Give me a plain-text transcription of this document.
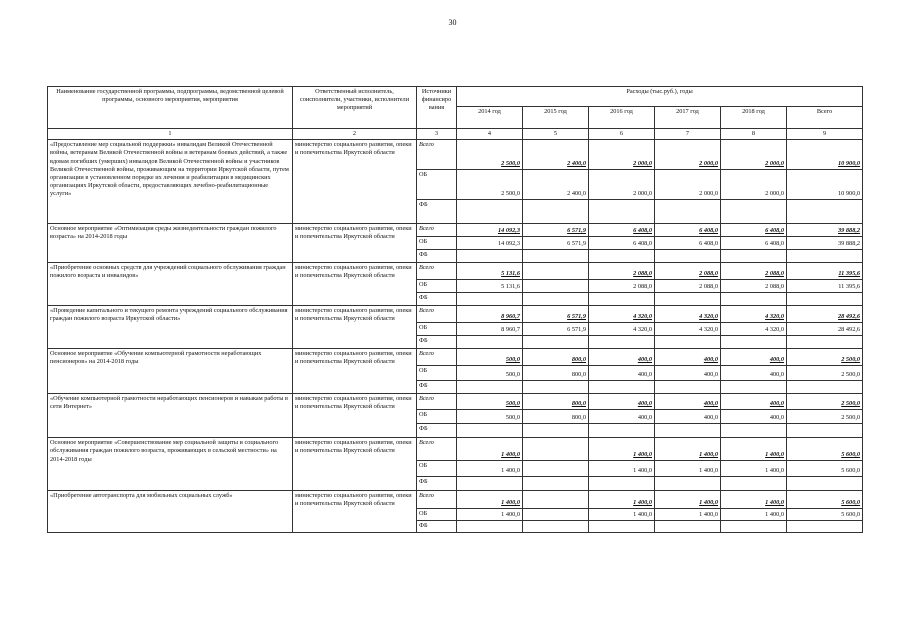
30
Наименование государственной программы, подпрограммы, ведомственной целевой программы, основного мероприятия, мероприятия	Ответственный исполнитель, соисполнители, участники, исполнители мероприятий	Источники финансиро вания	Расходы (тыс.руб.), годы					
			2014 год	2015 год	2016 год	2017 год	2018 год	Всего
1	2	3	4	5	6	7	8	9
«Предоставление мер социальной поддержки» инвалидам Великой Отечественной войны, ветеранам Великой Отечественной войны и ветеранам боевых действий, а также вдовам погибших (умерших) инвалидов Великой Отечественной войны и участников Великой Отечественной войны, проживающим на территории Иркутской области, путем организации в установленном порядке их лечения и реабилитации в медицинских организациях Иркутской области, предоставляющих лечебно-реабилитационные услуги»	министерство социального развития, опеки и попечительства Иркутской области	Всего	2 500,0	2 400,0	2 000,0	2 000,0	2 000,0	10 900,0
		ОБ	2 500,0	2 400,0	2 000,0	2 000,0	2 000,0	10 900,0
		ФБ						
Основное мероприятие «Оптимизация среды жизнедеятельности граждан пожилого возраста» на 2014-2018 годы	министерство социального развития, опеки и попечительства Иркутской области	Всего	14 092,3	6 571,9	6 408,0	6 408,0	6 408,0	39 888,2
		ОБ	14 092,3	6 571,9	6 408,0	6 408,0	6 408,0	39 888,2
		ФБ						
«Приобретение основных средств для учреждений социального обслуживания граждан пожилого возраста и инвалидов»	министерство социального развития, опеки и попечительства Иркутской области	Всего	5 131,6		2 088,0	2 088,0	2 088,0	11 395,6
		ОБ	5 131,6		2 088,0	2 088,0	2 088,0	11 395,6
		ФБ						
«Проведение капитального и текущего ремонта учреждений социального обслуживания граждан пожилого возраста Иркутской области»	министерство социального развития, опеки и попечительства Иркутской области	Всего	8 960,7	6 571,9	4 320,0	4 320,0	4 320,0	28 492,6
		ОБ	8 960,7	6 571,9	4 320,0	4 320,0	4 320,0	28 492,6
		ФБ						
Основное мероприятие «Обучение компьютерной грамотности неработающих пенсионеров» на 2014-2018 годы	министерство социального развития, опеки и попечительства Иркутской области	Всего	500,0	800,0	400,0	400,0	400,0	2 500,0
		ОБ	500,0	800,0	400,0	400,0	400,0	2 500,0
		ФБ						
«Обучение компьютерной грамотности неработающих пенсионеров и навыкам работы в сети Интернет»	министерство социального развития, опеки и попечительства Иркутской области	Всего	500,0	800,0	400,0	400,0	400,0	2 500,0
		ОБ	500,0	800,0	400,0	400,0	400,0	2 500,0
		ФБ						
Основное мероприятие «Совершенствование мер социальной защиты и социального обслуживания граждан пожилого возраста, проживающих в сельской местности» на 2014-2018 годы	министерство социального развития, опеки и попечительства Иркутской области	Всего	1 400,0		1 400,0	1 400,0	1 400,0	5 600,0
		ОБ	1 400,0		1 400,0	1 400,0	1 400,0	5 600,0
		ФБ						
«Приобретение автотранспорта для мобильных социальных служб»	министерство социального развития, опеки и попечительства Иркутской области	Всего	1 400,0		1 400,0	1 400,0	1 400,0	5 600,0
		ОБ	1 400,0		1 400,0	1 400,0	1 400,0	5 600,0
		ФБ						
